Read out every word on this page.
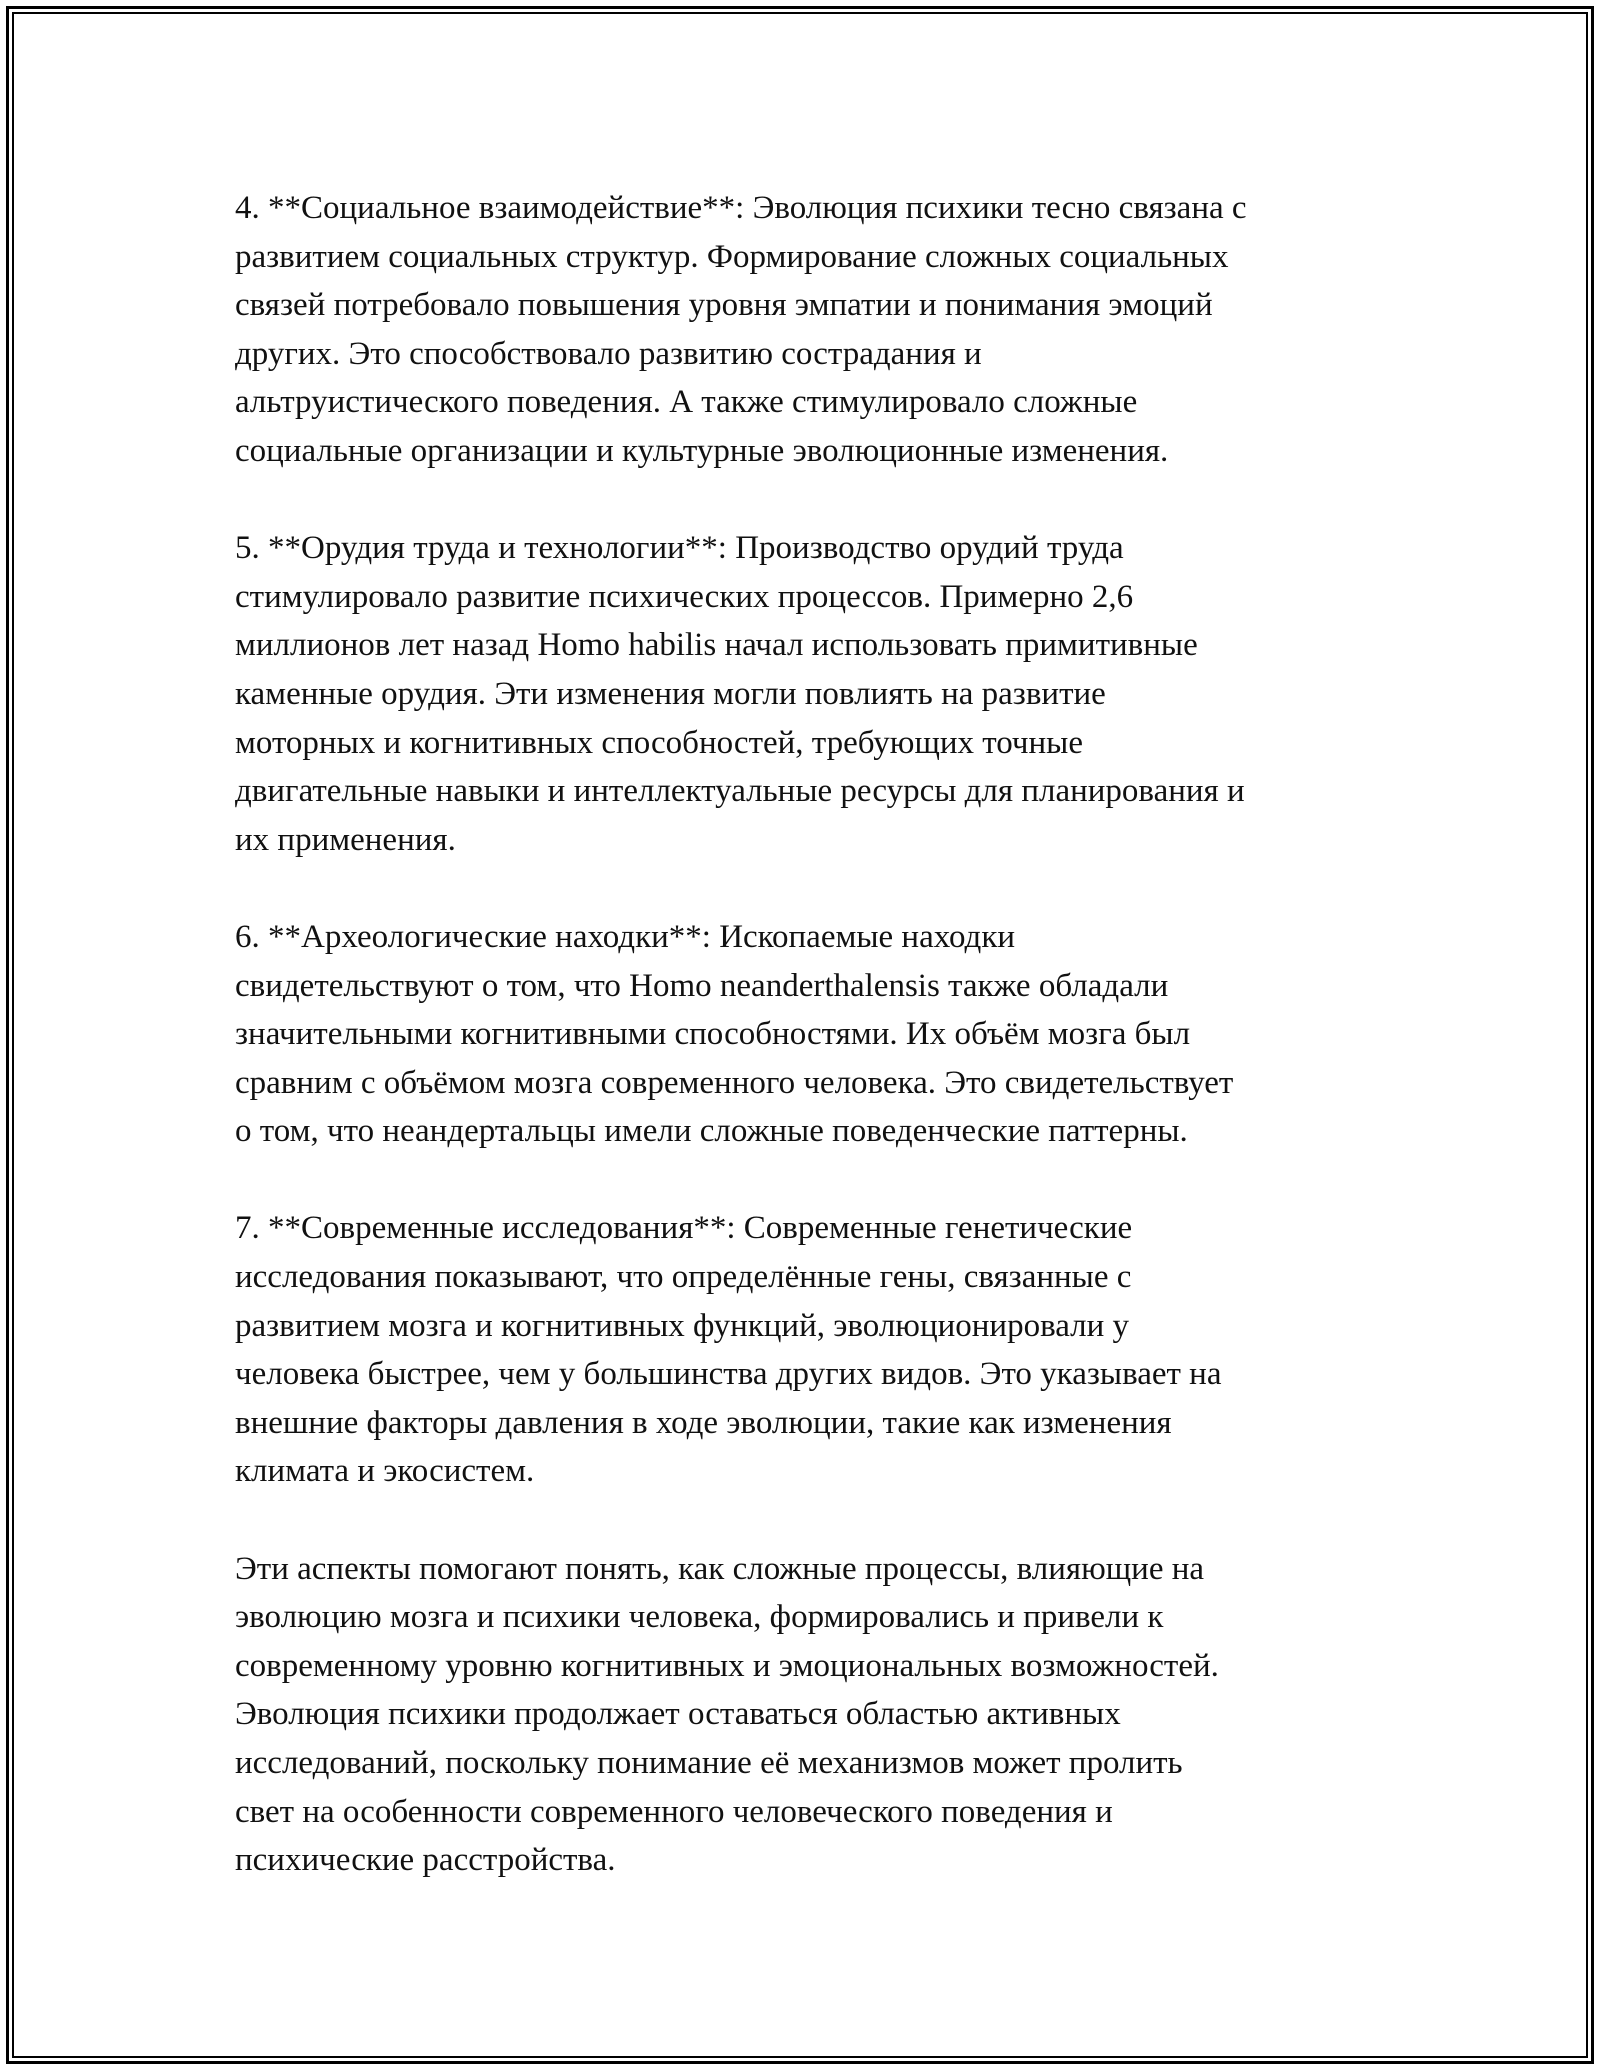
4. **Социальное взаимодействие**: Эволюция психики тесно связана с
развитием социальных структур. Формирование сложных социальных
связей потребовало повышения уровня эмпатии и понимания эмоций
других. Это способствовало развитию сострадания и
альтруистического поведения. А также стимулировало сложные
социальные организации и культурные эволюционные изменения.

5. **Орудия труда и технологии**: Производство орудий труда
стимулировало развитие психических процессов. Примерно 2,6
миллионов лет назад Homo habilis начал использовать примитивные
каменные орудия. Эти изменения могли повлиять на развитие
моторных и когнитивных способностей, требующих точные
двигательные навыки и интеллектуальные ресурсы для планирования и
их применения.

6. **Археологические находки**: Ископаемые находки
свидетельствуют о том, что Homo neanderthalensis также обладали
значительными когнитивными способностями. Их объём мозга был
сравним с объёмом мозга современного человека. Это свидетельствует
о том, что неандертальцы имели сложные поведенческие паттерны.

7. **Современные исследования**: Современные генетические
исследования показывают, что определённые гены, связанные с
развитием мозга и когнитивных функций, эволюционировали у
человека быстрее, чем у большинства других видов. Это указывает на
внешние факторы давления в ходе эволюции, такие как изменения
климата и экосистем.

Эти аспекты помогают понять, как сложные процессы, влияющие на
эволюцию мозга и психики человека, формировались и привели к
современному уровню когнитивных и эмоциональных возможностей.
Эволюция психики продолжает оставаться областью активных
исследований, поскольку понимание её механизмов может пролить
свет на особенности современного человеческого поведения и
психические расстройства.
